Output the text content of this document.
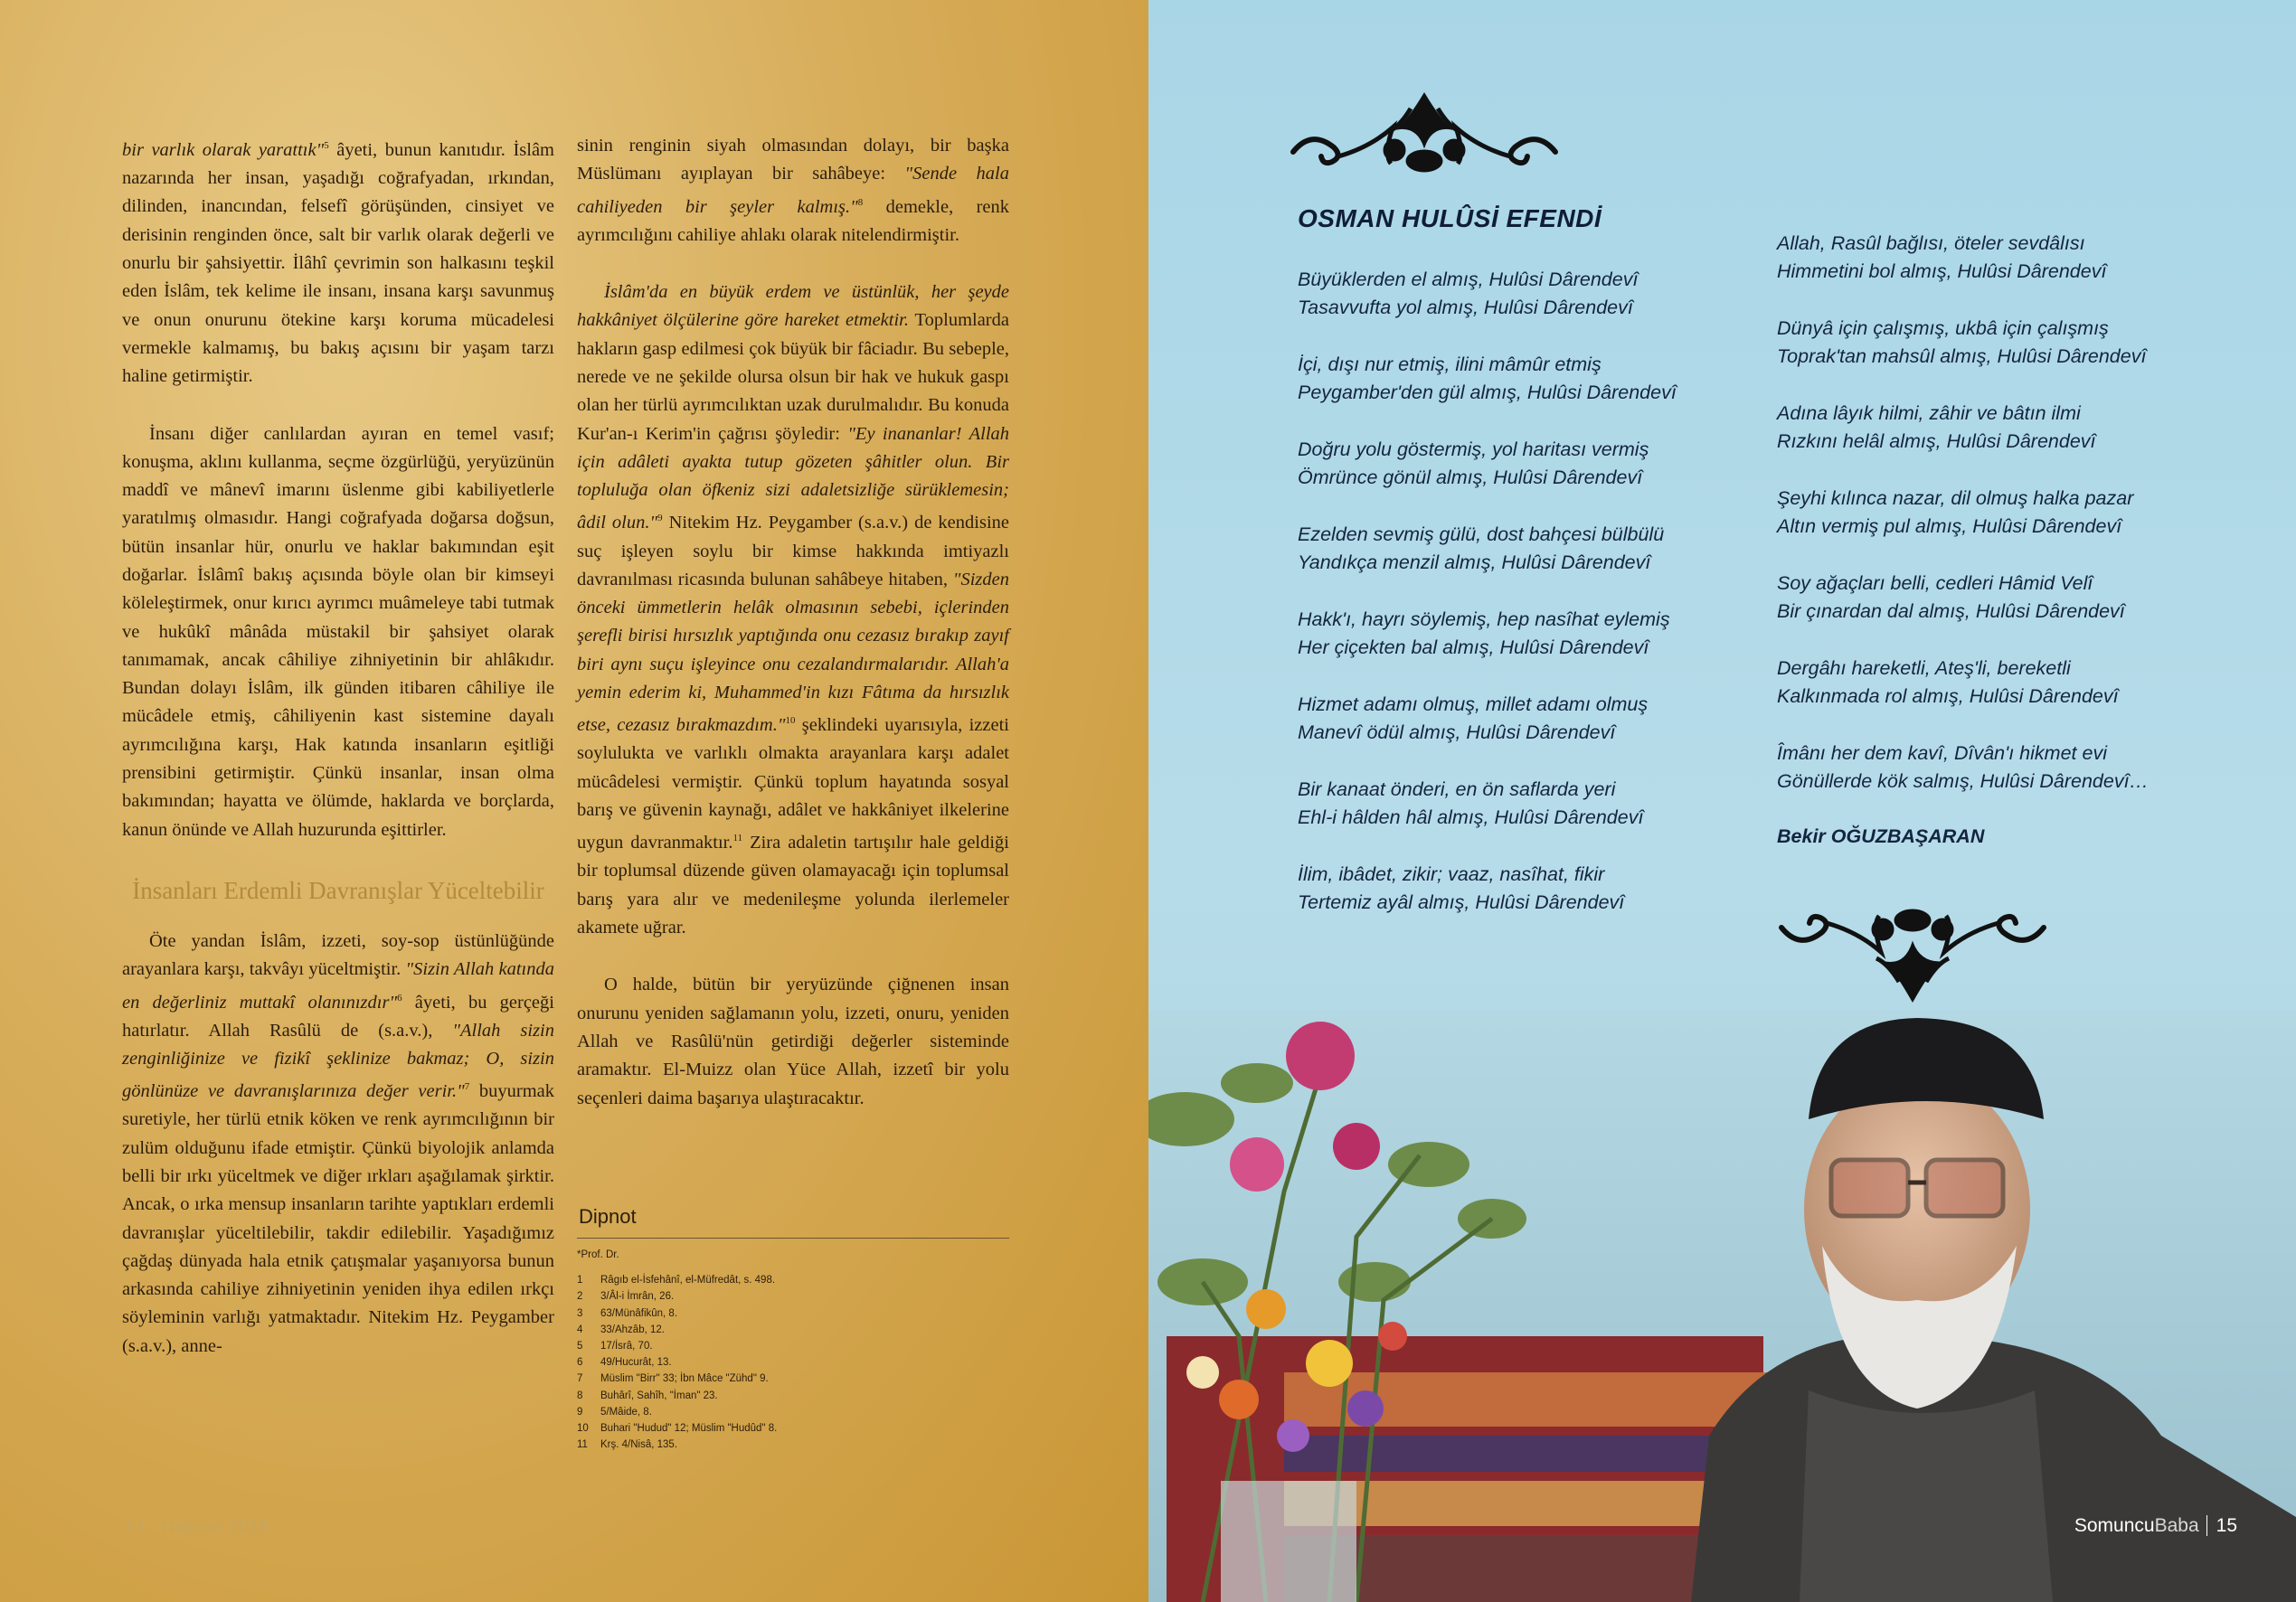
bir varlık olarak yarattık"$^5$ âyeti, bunun kanıtıdır. İslâm nazarında her insan, yaşadığı coğrafyadan, ırkından, dilinden, inancından, felsefî görüşünden, cinsiyet ve derisinin renginden önce, salt bir varlık olarak değerli ve onurlu bir şahsiyettir. İlâhî çevrimin son halkasını teşkil eden İslâm, tek kelime ile insanı, insana karşı savunmuş ve onun onurunu ötekine karşı koruma mücadelesi vermekle kalmamış, bu bakış açısını bir yaşam tarzı haline getirmiştir.

İnsanı diğer canlılardan ayıran en temel vasıf; konuşma, aklını kullanma, seçme özgürlüğü, yeryüzünün maddî ve mânevî imarını üslenme gibi kabiliyetlerle yaratılmış olmasıdır. Hangi coğrafyada doğarsa doğsun, bütün insanlar hür, onurlu ve haklar bakımından eşit doğarlar. İslâmî bakış açısında böyle olan bir kimseyi köleleştirmek, onur kırıcı ayrımcı muâmeleye tabi tutmak ve hukûkî mânâda müstakil bir şahsiyet olarak tanımamak, ancak câhiliye zihniyetinin bir ahlâkıdır. Bundan dolayı İslâm, ilk günden itibaren câhiliye ile mücâdele etmiş, câhiliyenin kast sistemine dayalı ayrımcılığına karşı, Hak katında insanların eşitliği prensibini getirmiştir. Çünkü insanlar, insan olma bakımından; hayatta ve ölümde, haklarda ve borçlarda, kanun önünde ve Allah huzurunda eşittirler.

İnsanları Erdemli Davranışlar Yüceltebilir

Öte yandan İslâm, izzeti, soy-sop üstünlüğünde arayanlara karşı, takvâyı yüceltmiştir. "Sizin Allah katında en değerliniz muttakî olanınızdır"$^6$ âyeti, bu gerçeği hatırlatır. Allah Rasûlü de (s.a.v.), "Allah sizin zenginliğinize ve fizikî şeklinize bakmaz; O, sizin gönlünüze ve davranışlarınıza değer verir."$^7$ buyurmak suretiyle, her türlü etnik köken ve renk ayrımcılığının bir zulüm olduğunu ifade etmiştir. Çünkü biyolojik anlamda belli bir ırkı yüceltmek ve diğer ırkları aşağılamak şirktir. Ancak, o ırka mensup insanların tarihte yaptıkları erdemli davranışlar yüceltilebilir, takdir edilebilir. Yaşadığımız çağdaş dünyada hala etnik çatışmalar yaşanıyorsa bunun arkasında cahiliye zihniyetinin yeniden ihya edilen ırkçı söyleminin varlığı yatmaktadır. Nitekim Hz. Peygamber (s.a.v.), anne-

sinin renginin siyah olmasından dolayı, bir başka Müslümanı ayıplayan bir sahâbeye: "Sende hala cahiliyeden bir şeyler kalmış."$^8$ demekle, renk ayrımcılığını cahiliye ahlakı olarak nitelendirmiştir.

İslâm'da en büyük erdem ve üstünlük, her şeyde hakkâniyet ölçülerine göre hareket etmektir. Toplumlarda hakların gasp edilmesi çok büyük bir fâciadır. Bu sebeple, nerede ve ne şekilde olursa olsun bir hak ve hukuk gaspı olan her türlü ayrımcılıktan uzak durulmalıdır. Bu konuda Kur'an-ı Kerim'in çağrısı şöyledir: "Ey inananlar! Allah için adâleti ayakta tutup gözeten şâhitler olun. Bir topluluğa olan öfkeniz sizi adaletsizliğe sürüklemesin; âdil olun."$^9$ Nitekim Hz. Peygamber (s.a.v.) de kendisine suç işleyen soylu bir kimse hakkında imtiyazlı davranılması ricasında bulunan sahâbeye hitaben, "Sizden önceki ümmetlerin helâk olmasının sebebi, içlerinden şerefli birisi hırsızlık yaptığında onu cezasız bırakıp zayıf biri aynı suçu işleyince onu cezalandırmalarıdır. Allah'a yemin ederim ki, Muhammed'in kızı Fâtıma da hırsızlık etse, cezasız bırakmazdım."$^{10}$ şeklindeki uyarısıyla, izzeti soylulukta ve varlıklı olmakta arayanlara karşı adalet mücâdelesi vermiştir. Çünkü toplum hayatında sosyal barış ve güvenin kaynağı, adâlet ve hakkâniyet ilkelerine uygun davranmaktır.$^{11}$ Zira adaletin tartışılır hale geldiği bir toplumsal düzende güven olamayacağı için toplumsal barış yara alır ve medenileşme yolunda ilerlemeler akamete uğrar.

O halde, bütün bir yeryüzünde çiğnenen insan onurunu yeniden sağlamanın yolu, izzeti, onuru, yeniden Allah ve Rasûlü'nün getirdiği değerler sisteminde aramaktır. El-Muizz olan Yüce Allah, izzetî bir yolu seçenleri daima başarıya ulaştıracaktır.

Dipnot
*Prof. Dr.
1	Râgıb el-İsfehânî, el-Müfredât, s. 498.
2	3/Âl-i İmrân, 26.
3	63/Münâfikûn, 8.
4	33/Ahzâb, 12.
5	17/İsrâ, 70.
6	49/Hucurât, 13.
7	Müslim "Birr" 33; İbn Mâce "Zühd" 9.
8	Buhârî, Sahîh, "İman" 23.
9	5/Mâide, 8.
10	Buhari "Hudud" 12; Müslim "Hudûd" 8.
11	Krş. 4/Nisâ, 135.
14 Haziran 2016
OSMAN HULÛSİ EFENDİ
Büyüklerden el almış, Hulûsi Dârendevî
Tasavvufta yol almış, Hulûsi Dârendevî
İçi, dışı nur etmiş, ilini mâmûr etmiş
Peygamber'den gül almış, Hulûsi Dârendevî
Doğru yolu göstermiş, yol haritası vermiş
Ömrünce gönül almış, Hulûsi Dârendevî
Ezelden sevmiş gülü, dost bahçesi bülbülü
Yandıkça menzil almış, Hulûsi Dârendevî
Hakk'ı, hayrı söylemiş, hep nasîhat eylemiş
Her çiçekten bal almış, Hulûsi Dârendevî
Hizmet adamı olmuş, millet adamı olmuş
Manevî ödül almış, Hulûsi Dârendevî
Bir kanaat önderi, en ön saflarda yeri
Ehl-i hâlden hâl almış, Hulûsi Dârendevî
İlim, ibâdet, zikir; vaaz, nasîhat, fikir
Tertemiz ayâl almış, Hulûsi Dârendevî
Allah, Rasûl bağlısı, öteler sevdâlısı
Himmetini bol almış, Hulûsi Dârendevî
Dünyâ için çalışmış, ukbâ için çalışmış
Toprak'tan mahsûl almış, Hulûsi Dârendevî
Adına lâyık hilmi, zâhir ve bâtın ilmi
Rızkını helâl almış, Hulûsi Dârendevî
Şeyhi kılınca nazar, dil olmuş halka pazar
Altın vermiş pul almış, Hulûsi Dârendevî
Soy ağaçları belli, cedleri Hâmid Velî
Bir çınardan dal almış, Hulûsi Dârendevî
Dergâhı hareketli, Ateş'li, bereketli
Kalkınmada rol almış, Hulûsi Dârendevî
Îmânı her dem kavî, Dîvân'ı hikmet evi
Gönüllerde kök salmış, Hulûsi Dârendevî…
Bekir OĞUZBAŞARAN
SomuncuBaba 15
